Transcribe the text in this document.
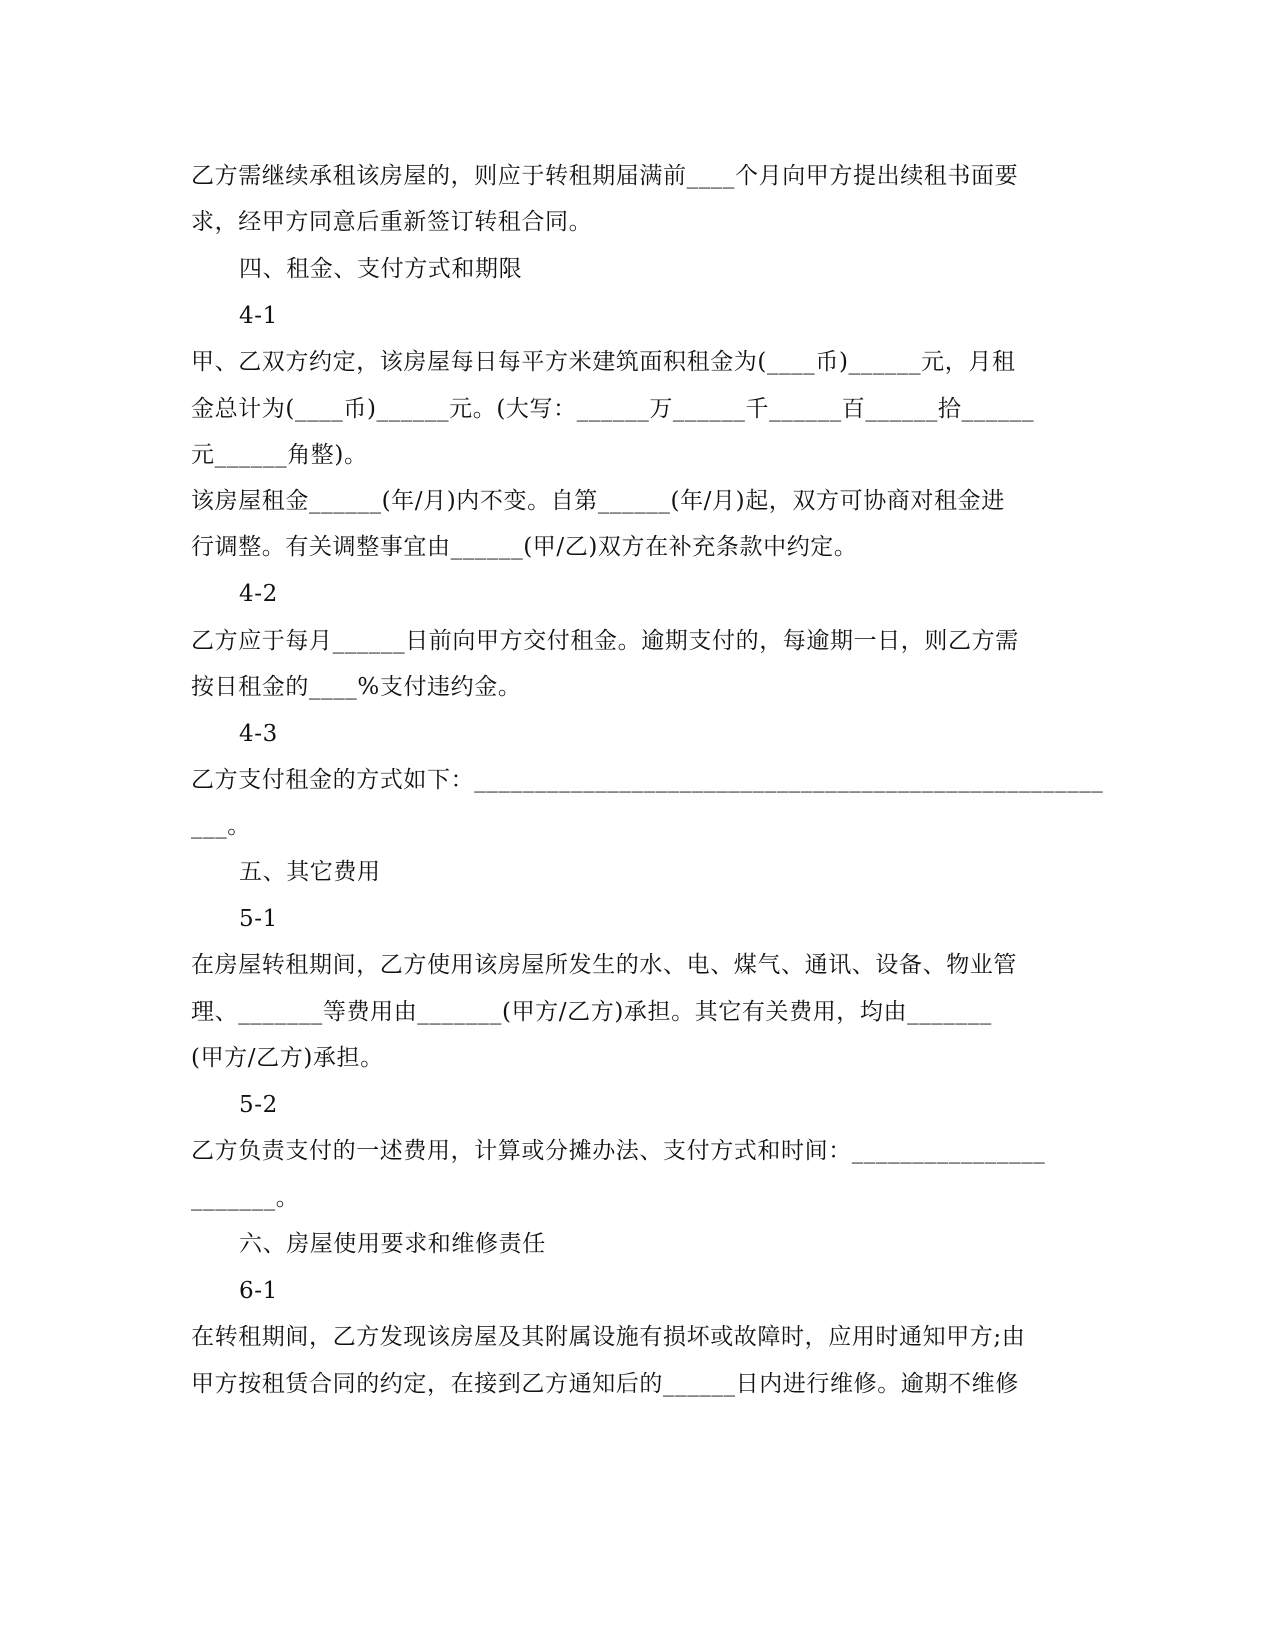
乙方需继续承租该房屋的，则应于转租期届满前____个月向甲方提出续租书面要
求，经甲方同意后重新签订转租合同。
四、租金、支付方式和期限
4-1
甲、乙双方约定，该房屋每日每平方米建筑面积租金为(____币)______元，月租
金总计为(____币)______元。(大写：______万______千______百______拾______
元______角整)。
该房屋租金______(年/月)内不变。自第______(年/月)起，双方可协商对租金进
行调整。有关调整事宜由______(甲/乙)双方在补充条款中约定。
4-2
乙方应于每月______日前向甲方交付租金。逾期支付的，每逾期一日，则乙方需
按日租金的____%支付违约金。
4-3
乙方支付租金的方式如下：____________________________________________________
___。
五、其它费用
5-1
在房屋转租期间，乙方使用该房屋所发生的水、电、煤气、通讯、设备、物业管
理、_______等费用由_______(甲方/乙方)承担。其它有关费用，均由_______
(甲方/乙方)承担。
5-2
乙方负责支付的一述费用，计算或分摊办法、支付方式和时间：________________
_______。
六、房屋使用要求和维修责任
6-1
在转租期间，乙方发现该房屋及其附属设施有损坏或故障时，应用时通知甲方;由
甲方按租赁合同的约定，在接到乙方通知后的______日内进行维修。逾期不维修
